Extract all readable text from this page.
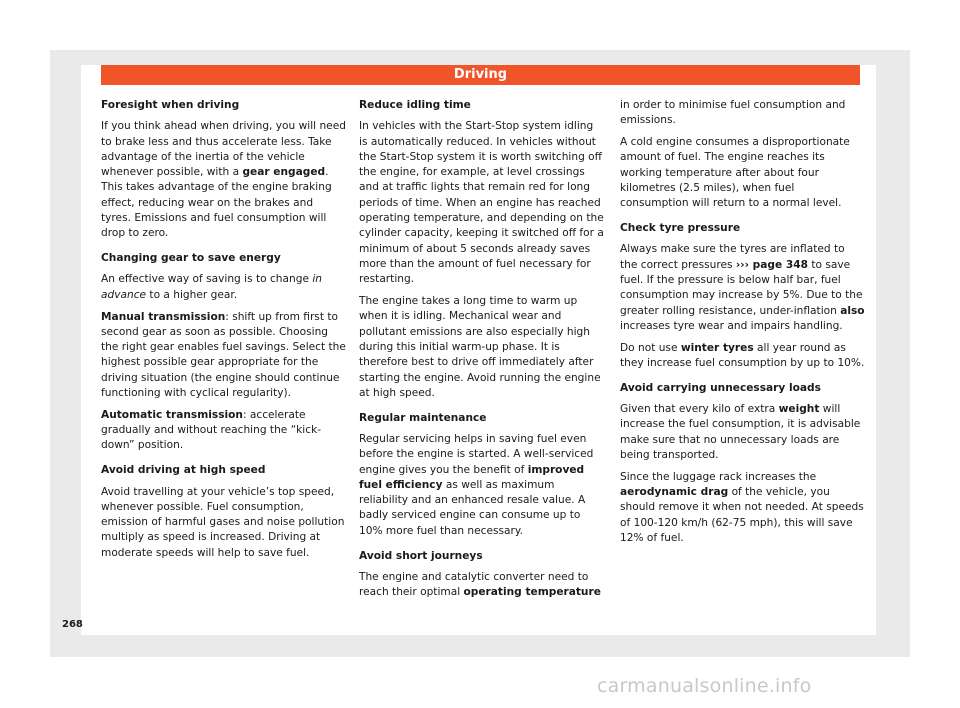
Driving
Foresight when driving

If you think ahead when driving, you will need to brake less and thus accelerate less. Take advantage of the inertia of the vehicle whenever possible, with a gear engaged. This takes advantage of the engine braking effect, reducing wear on the brakes and tyres. Emissions and fuel consumption will drop to zero.

Changing gear to save energy

An effective way of saving is to change in advance to a higher gear.

Manual transmission: shift up from first to second gear as soon as possible. Choosing the right gear enables fuel savings. Select the highest possible gear appropriate for the driving situation (the engine should continue functioning with cyclical regularity).

Automatic transmission: accelerate gradually and without reaching the “kick-down” position.

Avoid driving at high speed

Avoid travelling at your vehicle’s top speed, whenever possible. Fuel consumption, emission of harmful gases and noise pollution multiply as speed is increased. Driving at moderate speeds will help to save fuel.

Reduce idling time

In vehicles with the Start-Stop system idling is automatically reduced. In vehicles without the Start-Stop system it is worth switching off the engine, for example, at level crossings and at traffic lights that remain red for long periods of time. When an engine has reached operating temperature, and depending on the cylinder capacity, keeping it switched off for a minimum of about 5 seconds already saves more than the amount of fuel necessary for restarting.

The engine takes a long time to warm up when it is idling. Mechanical wear and pollutant emissions are also especially high during this initial warm-up phase. It is therefore best to drive off immediately after starting the engine. Avoid running the engine at high speed.

Regular maintenance

Regular servicing helps in saving fuel even before the engine is started. A well-serviced engine gives you the benefit of improved fuel efficiency as well as maximum reliability and an enhanced resale value. A badly serviced engine can consume up to 10% more fuel than necessary.

Avoid short journeys

The engine and catalytic converter need to reach their optimal operating temperature

in order to minimise fuel consumption and emissions.

A cold engine consumes a disproportionate amount of fuel. The engine reaches its working temperature after about four kilometres (2.5 miles), when fuel consumption will return to a normal level.

Check tyre pressure

Always make sure the tyres are inflated to the correct pressures ››› page 348 to save fuel. If the pressure is below half bar, fuel consumption may increase by 5%. Due to the greater rolling resistance, under-inflation also increases tyre wear and impairs handling.

Do not use winter tyres all year round as they increase fuel consumption by up to 10%.

Avoid carrying unnecessary loads

Given that every kilo of extra weight will increase the fuel consumption, it is advisable make sure that no unnecessary loads are being transported.

Since the luggage rack increases the aerodynamic drag of the vehicle, you should remove it when not needed. At speeds of 100-120 km/h (62-75 mph), this will save 12% of fuel.

268
carmanualsonline.info
